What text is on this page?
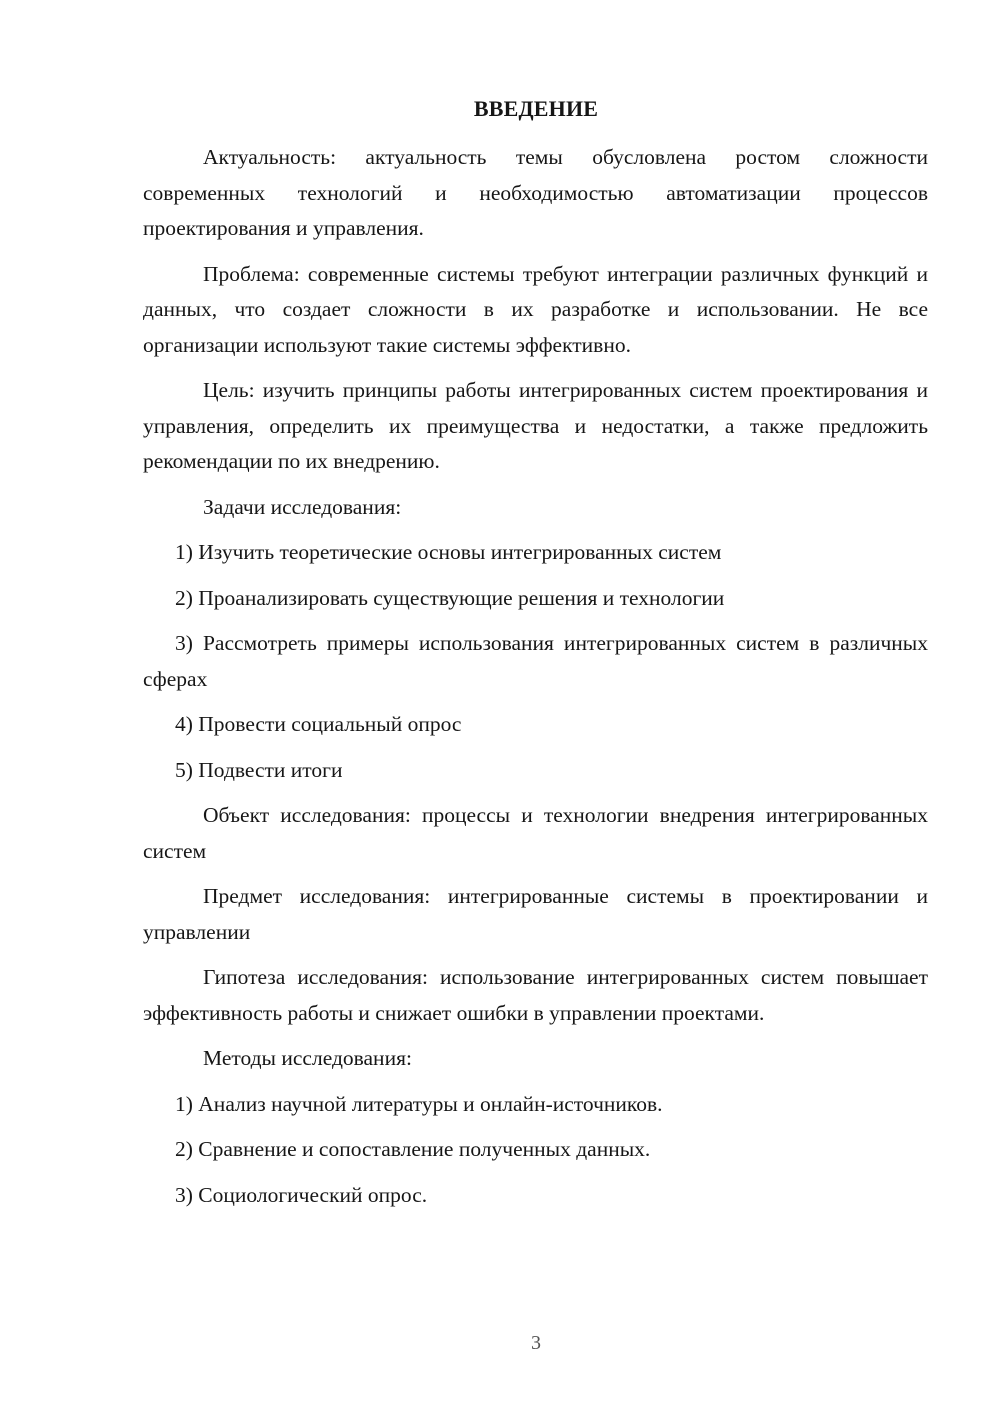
ВВЕДЕНИЕ

Актуальность: актуальность темы обусловлена ростом сложности современных технологий и необходимостью автоматизации процессов проектирования и управления.

Проблема: современные системы требуют интеграции различных функций и данных, что создает сложности в их разработке и использовании. Не все организации используют такие системы эффективно.

Цель: изучить принципы работы интегрированных систем проектирования и управления, определить их преимущества и недостатки, а также предложить рекомендации по их внедрению.

Задачи исследования:

1) Изучить теоретические основы интегрированных систем

2) Проанализировать существующие решения и технологии

3) Рассмотреть примеры использования интегрированных систем в различных сферах

4) Провести социальный опрос

5) Подвести итоги

Объект исследования: процессы и технологии внедрения интегрированных систем

Предмет исследования: интегрированные системы в проектировании и управлении

Гипотеза исследования: использование интегрированных систем повышает эффективность работы и снижает ошибки в управлении проектами.

Методы исследования:

1) Анализ научной литературы и онлайн-источников.

2) Сравнение и сопоставление полученных данных.

3) Социологический опрос.

3
